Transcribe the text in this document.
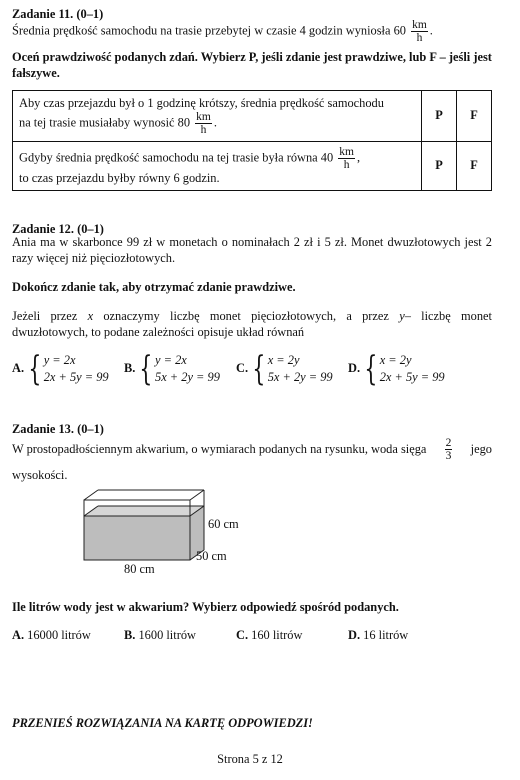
Zadanie 11. (0–1)
Średnia prędkość samochodu na trasie przebytej w czasie 4 godzin wyniosła $60 \frac{km}{h}$ .
Oceń prawdziwość podanych zdań. Wybierz P, jeśli zdanie jest prawdziwe, lub F – jeśli jest fałszywe.
Aby czas przejazdu był o 1 godzinę krótszy, średnia prędkość samochodu
na tej trasie musiałaby wynosić $80 \frac{km}{h}$ .	P	F

Gdyby średnia prędkość samochodu na tej trasie była równa $40 \frac{km}{h}$ ,
to czas przejazdu byłby równy 6 godzin.	P	F
Zadanie 12. (0–1)
Ania ma w skarbonce 99 zł w monetach o nominałach 2 zł i 5 zł. Monet dwuzłotowych jest 2 razy więcej niż pięciozłotowych.
Dokończ zdanie tak, aby otrzymać zdanie prawdziwe.
Jeżeli przez x oznaczymy liczbę monet pięciozłotowych, a przez y– liczbę monet dwuzłotowych, to podane zależności opisuje układ równań
A. { y = 2x
2x + 5y = 99
B. { y = 2x
5x + 2y = 99
C. { x = 2y
5x + 2y = 99
D. { x = 2y
2x + 5y = 99
Zadanie 13. (0–1)
W prostopadłościennym akwarium, o wymiarach podanych na rysunku, woda sięga $\frac{2}{3}$ jego
wysokości.
60 cm
50 cm
80 cm
Ile litrów wody jest w akwarium? Wybierz odpowiedź spośród podanych.
A. 16000 litrów	B. 1600 litrów	C. 160 litrów	D. 16 litrów
PRZENIEŚ ROZWIĄZANIA NA KARTĘ ODPOWIEDZI!
Strona 5 z 12
